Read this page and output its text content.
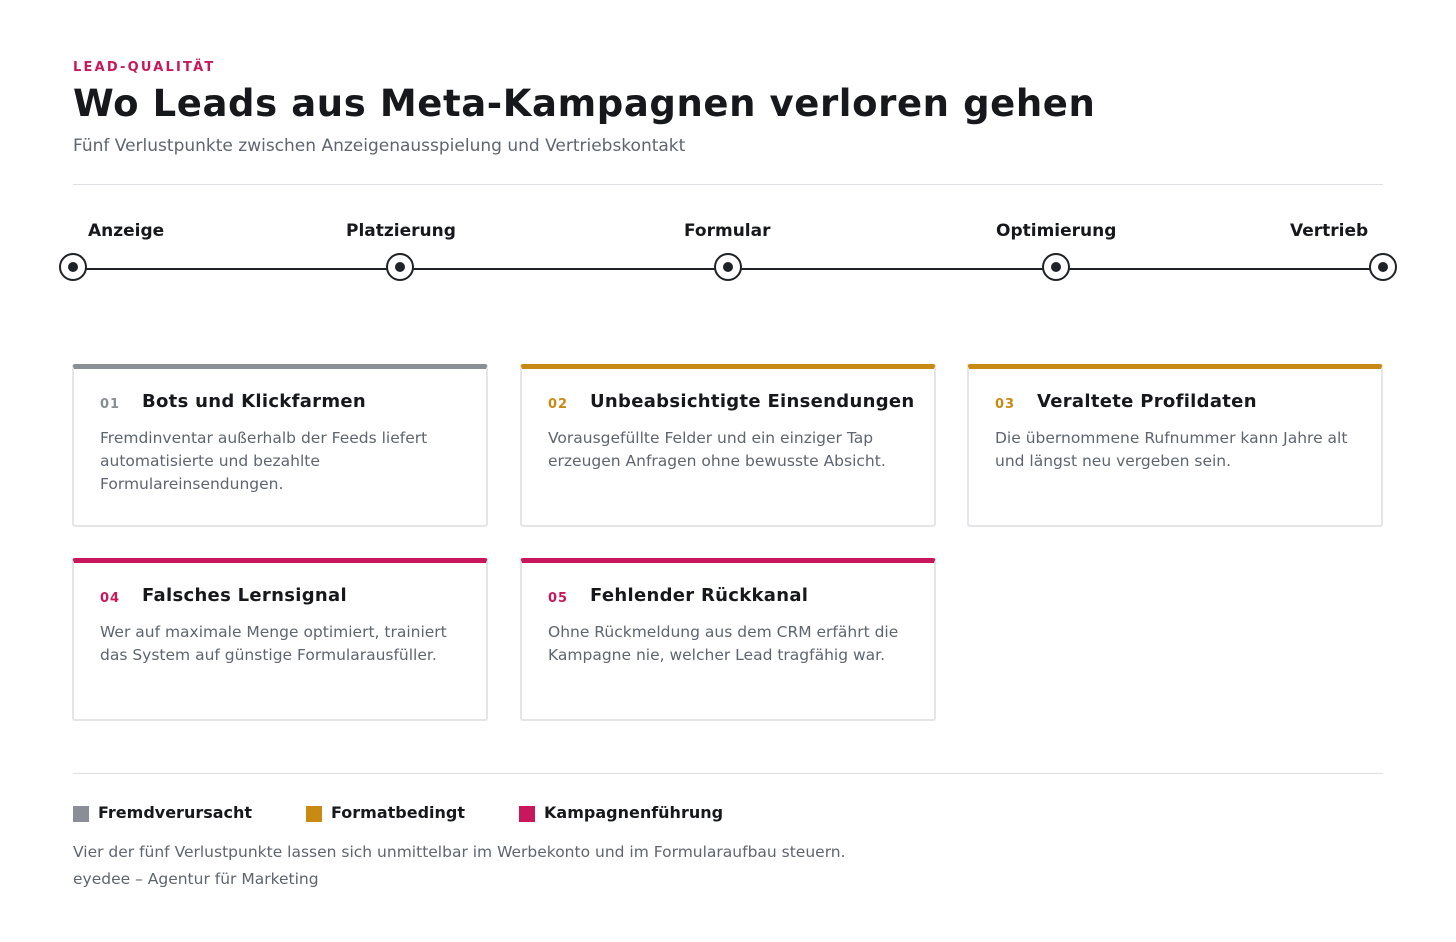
LEAD-QUALITÄT
Wo Leads aus Meta-Kampagnen verloren gehen
Fünf Verlustpunkte zwischen Anzeigenausspielung und Vertriebskontakt
Anzeige	Platzierung	Formular	Optimierung	Vertrieb
01 Bots und Klickfarmen
Fremdinventar außerhalb der Feeds liefert automatisierte und bezahlte Formulareinsendungen.
02 Unbeabsichtigte Einsendungen
Vorausgefüllte Felder und ein einziger Tap erzeugen Anfragen ohne bewusste Absicht.
03 Veraltete Profildaten
Die übernommene Rufnummer kann Jahre alt und längst neu vergeben sein.
04 Falsches Lernsignal
Wer auf maximale Menge optimiert, trainiert das System auf günstige Formularausfüller.
05 Fehlender Rückkanal
Ohne Rückmeldung aus dem CRM erfährt die Kampagne nie, welcher Lead tragfähig war.
Fremdverursacht	Formatbedingt	Kampagnenführung
Vier der fünf Verlustpunkte lassen sich unmittelbar im Werbekonto und im Formularaufbau steuern.
eyedee – Agentur für Marketing
